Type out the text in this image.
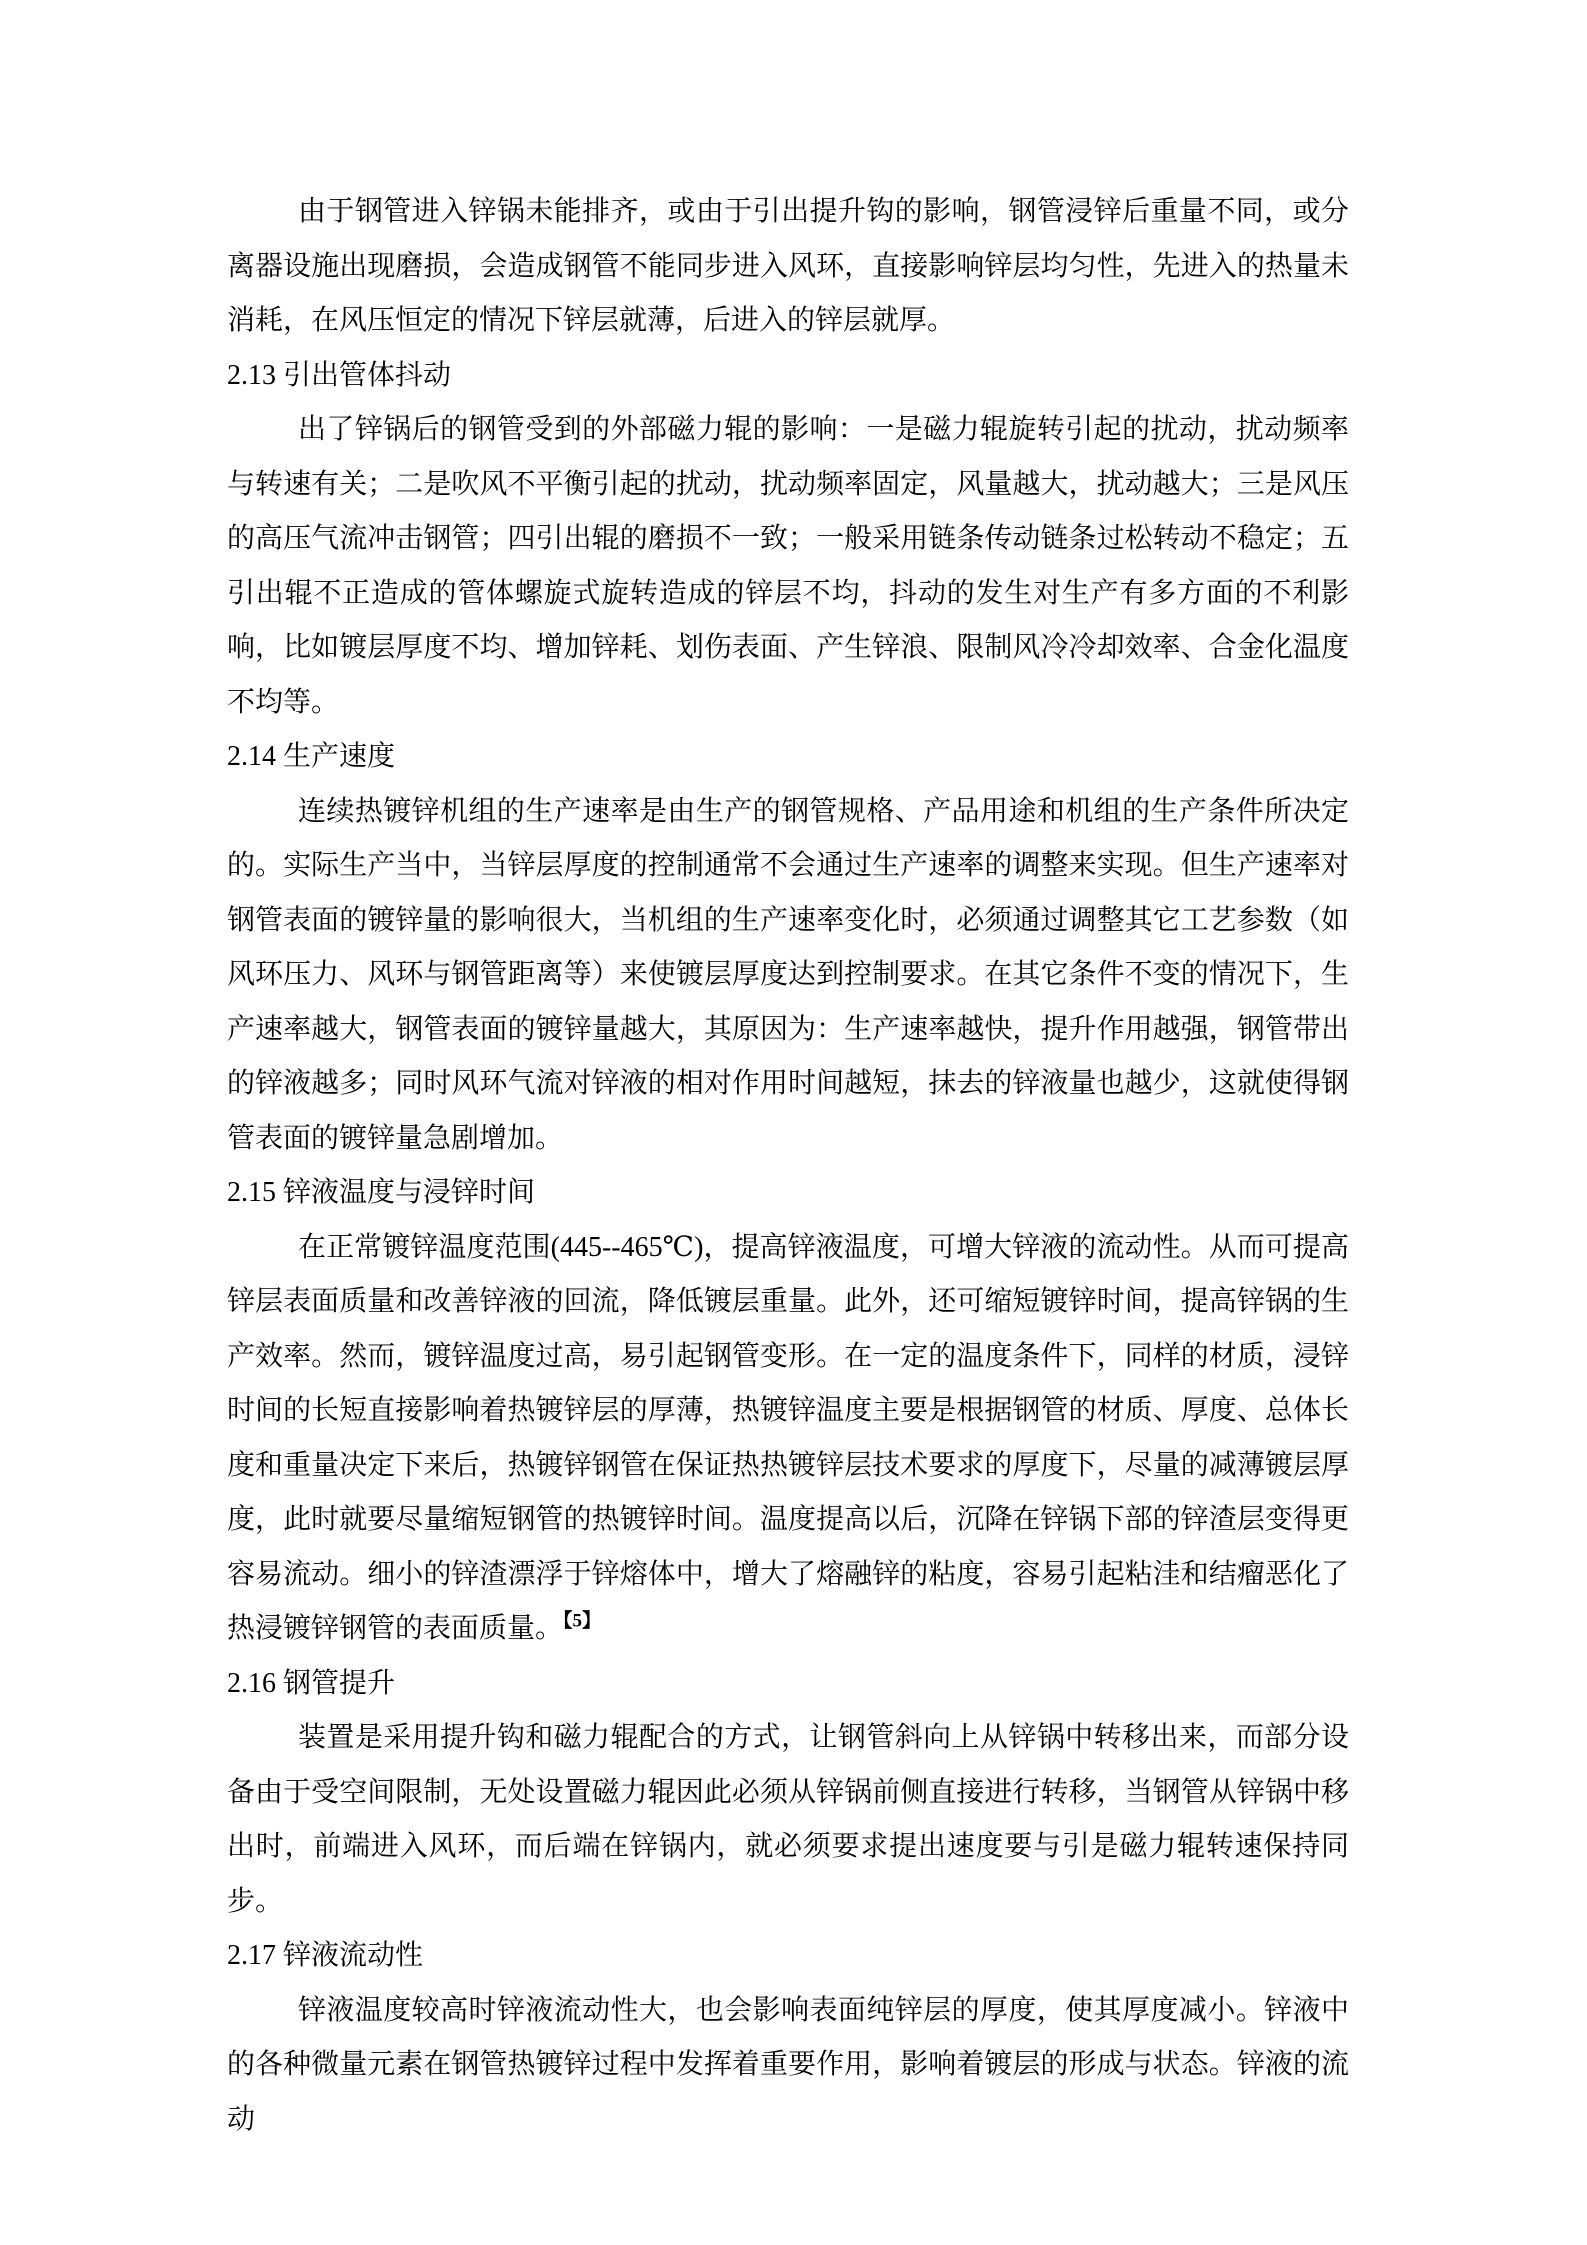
由于钢管进入锌锅未能排齐，或由于引出提升钩的影响，钢管浸锌后重量不同，或分离器设施出现磨损，会造成钢管不能同步进入风环，直接影响锌层均匀性，先进入的热量未消耗，在风压恒定的情况下锌层就薄，后进入的锌层就厚。

2.13 引出管体抖动

出了锌锅后的钢管受到的外部磁力辊的影响：一是磁力辊旋转引起的扰动，扰动频率与转速有关；二是吹风不平衡引起的扰动，扰动频率固定，风量越大，扰动越大；三是风压的高压气流冲击钢管；四引出辊的磨损不一致；一般采用链条传动链条过松转动不稳定；五引出辊不正造成的管体螺旋式旋转造成的锌层不均，抖动的发生对生产有多方面的不利影响，比如镀层厚度不均、增加锌耗、划伤表面、产生锌浪、限制风冷冷却效率、合金化温度不均等。

2.14 生产速度

连续热镀锌机组的生产速率是由生产的钢管规格、产品用途和机组的生产条件所决定的。实际生产当中，当锌层厚度的控制通常不会通过生产速率的调整来实现。但生产速率对钢管表面的镀锌量的影响很大，当机组的生产速率变化时，必须通过调整其它工艺参数（如风环压力、风环与钢管距离等）来使镀层厚度达到控制要求。在其它条件不变的情况下，生产速率越大，钢管表面的镀锌量越大，其原因为：生产速率越快，提升作用越强，钢管带出的锌液越多；同时风环气流对锌液的相对作用时间越短，抹去的锌液量也越少，这就使得钢管表面的镀锌量急剧增加。

2.15 锌液温度与浸锌时间

在正常镀锌温度范围(445--465℃)，提高锌液温度，可增大锌液的流动性。从而可提高锌层表面质量和改善锌液的回流，降低镀层重量。此外，还可缩短镀锌时间，提高锌锅的生产效率。然而，镀锌温度过高，易引起钢管变形。在一定的温度条件下，同样的材质，浸锌时间的长短直接影响着热镀锌层的厚薄，热镀锌温度主要是根据钢管的材质、厚度、总体长度和重量决定下来后，热镀锌钢管在保证热热镀锌层技术要求的厚度下，尽量的减薄镀层厚度，此时就要尽量缩短钢管的热镀锌时间。温度提高以后，沉降在锌锅下部的锌渣层变得更容易流动。细小的锌渣漂浮于锌熔体中，增大了熔融锌的粘度，容易引起粘洼和结瘤恶化了热浸镀锌钢管的表面质量。$^{【5】}$

2.16 钢管提升

装置是采用提升钩和磁力辊配合的方式，让钢管斜向上从锌锅中转移出来，而部分设备由于受空间限制，无处设置磁力辊因此必须从锌锅前侧直接进行转移，当钢管从锌锅中移出时，前端进入风环，而后端在锌锅内，就必须要求提出速度要与引是磁力辊转速保持同步。

2.17 锌液流动性

锌液温度较高时锌液流动性大，也会影响表面纯锌层的厚度，使其厚度减小。锌液中的各种微量元素在钢管热镀锌过程中发挥着重要作用，影响着镀层的形成与状态。锌液的流动
